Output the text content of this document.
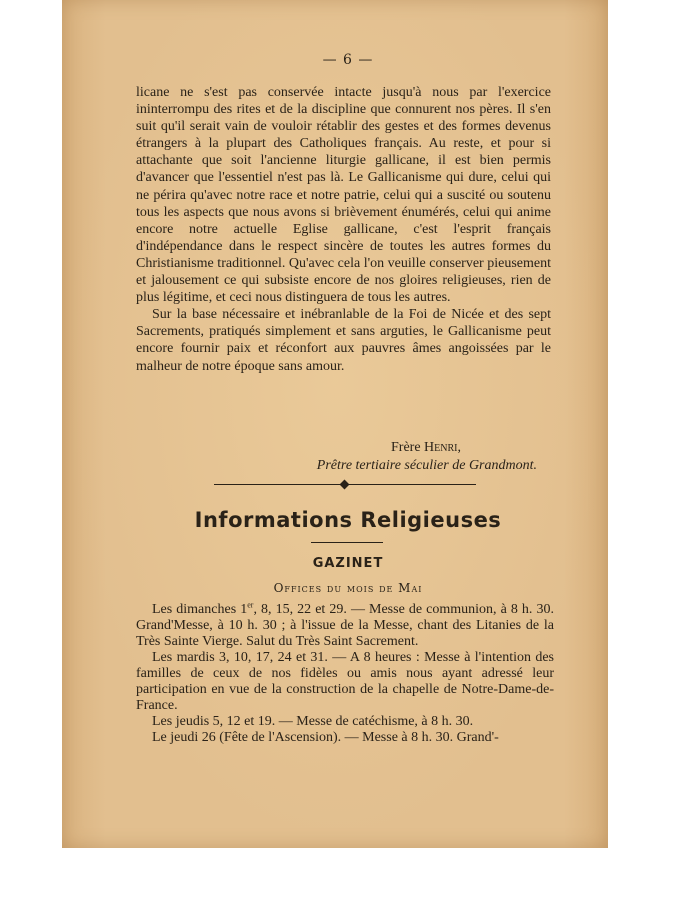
— 6 —

licane ne s'est pas conservée intacte jusqu'à nous par l'exercice ininterrompu des rites et de la discipline que connurent nos pères. Il s'en suit qu'il serait vain de vouloir rétablir des gestes et des formes devenus étrangers à la plupart des Catholiques français. Au reste, et pour si attachante que soit l'ancienne liturgie gallicane, il est bien permis d'avancer que l'essentiel n'est pas là. Le Gallicanisme qui dure, celui qui ne périra qu'avec notre race et notre patrie, celui qui a suscité ou soutenu tous les aspects que nous avons si brièvement énumérés, celui qui anime encore notre actuelle Eglise gallicane, c'est l'esprit français d'indépendance dans le respect sincère de toutes les autres formes du Christianisme traditionnel. Qu'avec cela l'on veuille conserver pieusement et jalousement ce qui subsiste encore de nos gloires religieuses, rien de plus légitime, et ceci nous distinguera de tous les autres.

Sur la base nécessaire et inébranlable de la Foi de Nicée et des sept Sacrements, pratiqués simplement et sans arguties, le Gallicanisme peut encore fournir paix et réconfort aux pauvres âmes angoissées par le malheur de notre époque sans amour.

Frère Henri,
Prêtre tertiaire séculier de Grandmont.
Informations Religieuses
GAZINET
Offices du mois de Mai

Les dimanches 1er, 8, 15, 22 et 29. — Messe de communion, à 8 h. 30. Grand'Messe, à 10 h. 30 ; à l'issue de la Messe, chant des Litanies de la Très Sainte Vierge. Salut du Très Saint Sacrement.

Les mardis 3, 10, 17, 24 et 31. — A 8 heures : Messe à l'intention des familles de ceux de nos fidèles ou amis nous ayant adressé leur participation en vue de la construction de la chapelle de Notre-Dame-de-France.

Les jeudis 5, 12 et 19. — Messe de catéchisme, à 8 h. 30.

Le jeudi 26 (Fête de l'Ascension). — Messe à 8 h. 30. Grand'-
